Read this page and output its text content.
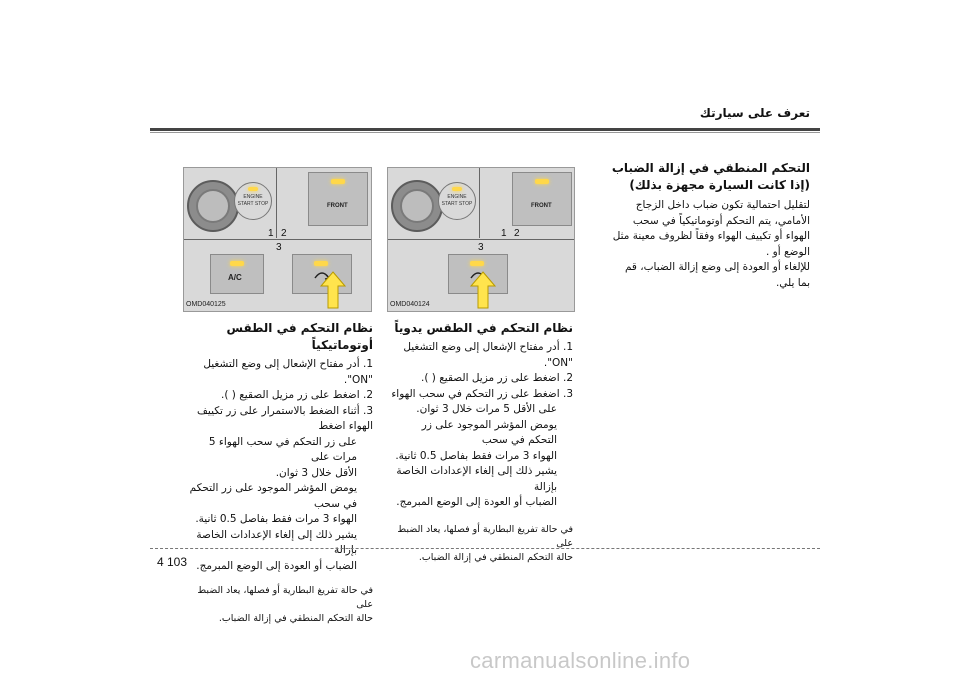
تعرف على سيارتك
التحكم المنطقي في إزالة الضباب
(إذا كانت السيارة مجهزة بذلك)
لتقليل احتمالية تكون ضباب داخل الزجاج
الأمامي، يتم التحكم أوتوماتيكياً في سحب
الهواء أو تكييف الهواء وفقاً لظروف معينة مثل
الوضع أو .
للإلغاء أو العودة إلى وضع إزالة الضباب، قم
بما يلي.
ENGINE START STOP	FRONT
1 2
3
OMD040124
ENGINE START STOP	FRONT
1 2
3
A/C
OMD040125
نظام التحكم في الطقس يدوياً
1. أدر مفتاح الإشعال إلى وضع التشغيل "ON".
2. اضغط على زر مزيل الصقيع ( ).
3. اضغط على زر التحكم في سحب الهواء
على الأقل 5 مرات خلال 3 ثوان.
يومض المؤشر الموجود على زر التحكم في سحب
الهواء 3 مرات فقط بفاصل 0.5 ثانية.
يشير ذلك إلى إلغاء الإعدادات الخاصة بإزالة
الضباب أو العودة إلى الوضع المبرمج.
في حالة تفريغ البطارية أو فصلها، يعاد الضبط على
حالة التحكم المنطقي في إزالة الضباب.
نظام التحكم في الطقس أوتوماتيكياً
1. أدر مفتاح الإشعال إلى وضع التشغيل "ON".
2. اضغط على زر مزيل الصقيع ( ).
3. أثناء الضغط بالاستمرار على زر تكييف الهواء اضغط
على زر التحكم في سحب الهواء 5 مرات على
الأقل خلال 3 ثوان.
يومض المؤشر الموجود على زر التحكم في سحب
الهواء 3 مرات فقط بفاصل 0.5 ثانية.
يشير ذلك إلى إلغاء الإعدادات الخاصة بإزالة
الضباب أو العودة إلى الوضع المبرمج.
في حالة تفريغ البطارية أو فصلها، يعاد الضبط على
حالة التحكم المنطقي في إزالة الضباب.
4 103
carmanualsonline.info
